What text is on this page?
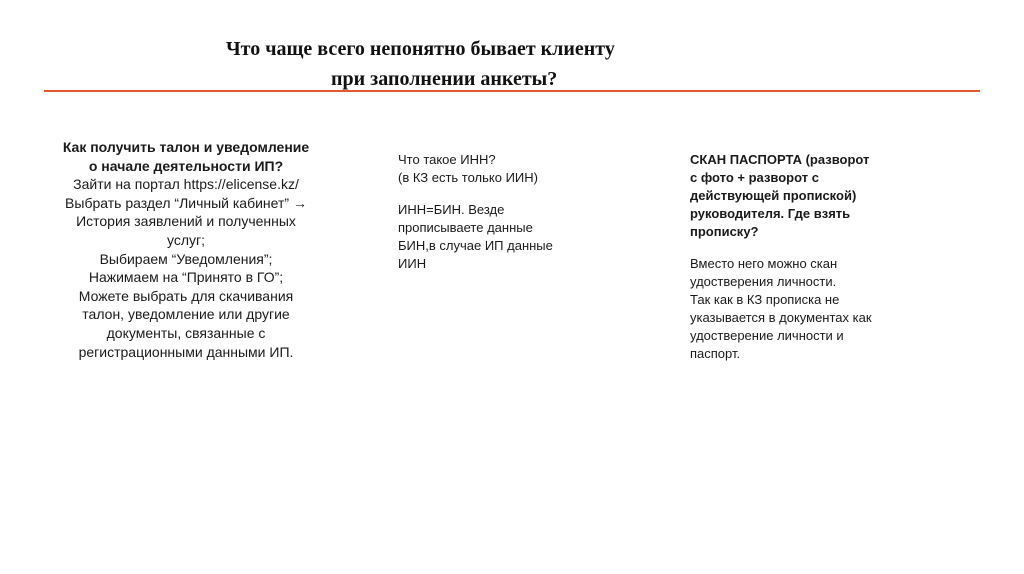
Что чаще всего непонятно бывает клиенту
при заполнении анкеты?
Как получить талон и уведомление
о начале деятельности ИП?
Зайти на портал https://elicense.kz/
Выбрать раздел “Личный кабинет” →
История заявлений и полученных
услуг;
Выбираем “Уведомления”;
Нажимаем на “Принято в ГО”;
Можете выбрать для скачивания
талон, уведомление или другие
документы, связанные с
регистрационными данными ИП.
Что такое ИНН?
(в КЗ есть только ИИН)
ИНН=БИН. Везде
прописываете данные
БИН,в случае ИП данные
ИИН
СКАН ПАСПОРТА (разворот
с фото + разворот с
действующей пропиской)
руководителя. Где взять
прописку?
Вместо него можно скан
удостверения личности.
Так как в КЗ прописка не
указывается в документах как
удостверение личности и
паспорт.
